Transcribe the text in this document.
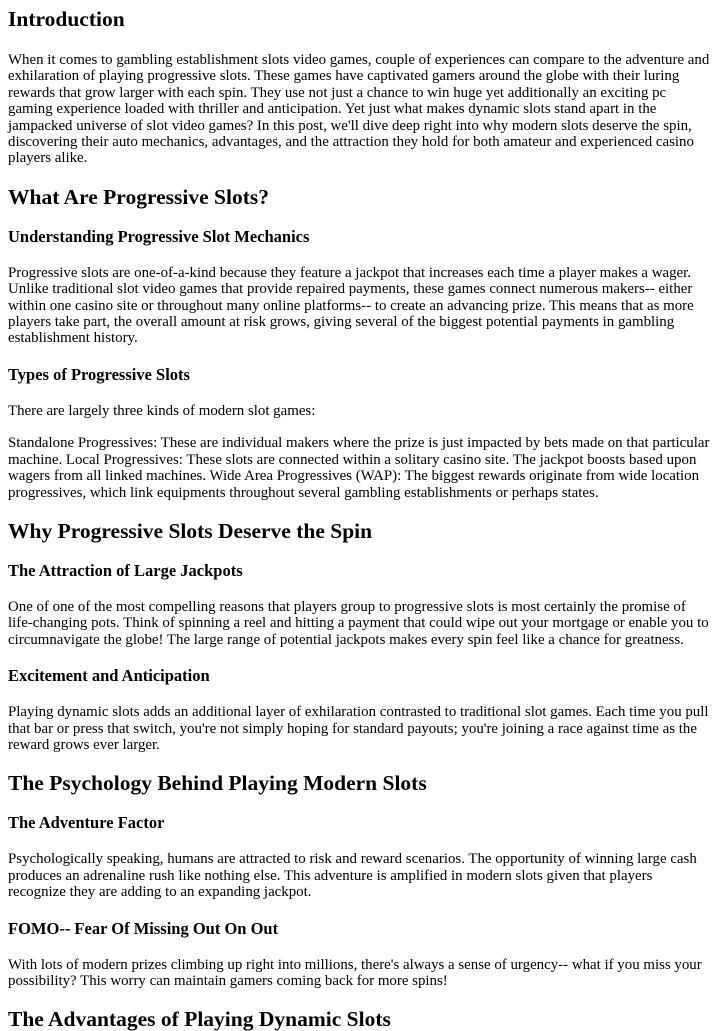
Introduction

When it comes to gambling establishment slots video games, couple of experiences can compare to the adventure and exhilaration of playing progressive slots. These games have captivated gamers around the globe with their luring rewards that grow larger with each spin. They use not just a chance to win huge yet additionally an exciting pc gaming experience loaded with thriller and anticipation. Yet just what makes dynamic slots stand apart in the jampacked universe of slot video games? In this post, we'll dive deep right into why modern slots deserve the spin, discovering their auto mechanics, advantages, and the attraction they hold for both amateur and experienced casino players alike.

What Are Progressive Slots?
Understanding Progressive Slot Mechanics

Progressive slots are one-of-a-kind because they feature a jackpot that increases each time a player makes a wager. Unlike traditional slot video games that provide repaired payments, these games connect numerous makers-- either within one casino site or throughout many online platforms-- to create an advancing prize. This means that as more players take part, the overall amount at risk grows, giving several of the biggest potential payments in gambling establishment history.

Types of Progressive Slots

There are largely three kinds of modern slot games:

Standalone Progressives: These are individual makers where the prize is just impacted by bets made on that particular machine. Local Progressives: These slots are connected within a solitary casino site. The jackpot boosts based upon wagers from all linked machines. Wide Area Progressives (WAP): The biggest rewards originate from wide location progressives, which link equipments throughout several gambling establishments or perhaps states.

Why Progressive Slots Deserve the Spin
The Attraction of Large Jackpots

One of one of the most compelling reasons that players group to progressive slots is most certainly the promise of life-changing pots. Think of spinning a reel and hitting a payment that could wipe out your mortgage or enable you to circumnavigate the globe! The large range of potential jackpots makes every spin feel like a chance for greatness.

Excitement and Anticipation

Playing dynamic slots adds an additional layer of exhilaration contrasted to traditional slot games. Each time you pull that bar or press that switch, you're not simply hoping for standard payouts; you're joining a race against time as the reward grows ever larger.

The Psychology Behind Playing Modern Slots
The Adventure Factor

Psychologically speaking, humans are attracted to risk and reward scenarios. The opportunity of winning large cash produces an adrenaline rush like nothing else. This adventure is amplified in modern slots given that players recognize they are adding to an expanding jackpot.

FOMO-- Fear Of Missing Out On Out

With lots of modern prizes climbing up right into millions, there's always a sense of urgency-- what if you miss your possibility? This worry can maintain gamers coming back for more spins!

The Advantages of Playing Dynamic Slots
